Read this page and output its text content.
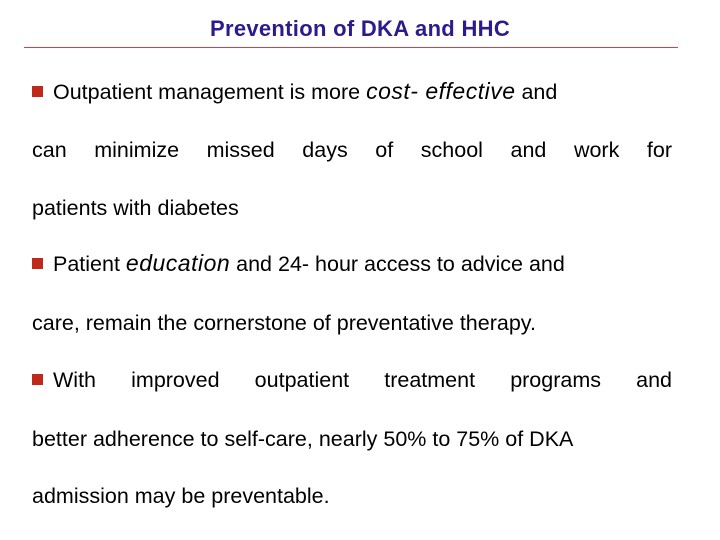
Prevention of DKA and HHC
Outpatient management is more cost- effective and
can minimize missed days of school and work for
patients with diabetes
Patient education and 24- hour access to advice and
care, remain the cornerstone of preventative therapy.
With improved outpatient treatment programs and
better adherence to self-care, nearly 50% to 75% of DKA
admission may be preventable.
